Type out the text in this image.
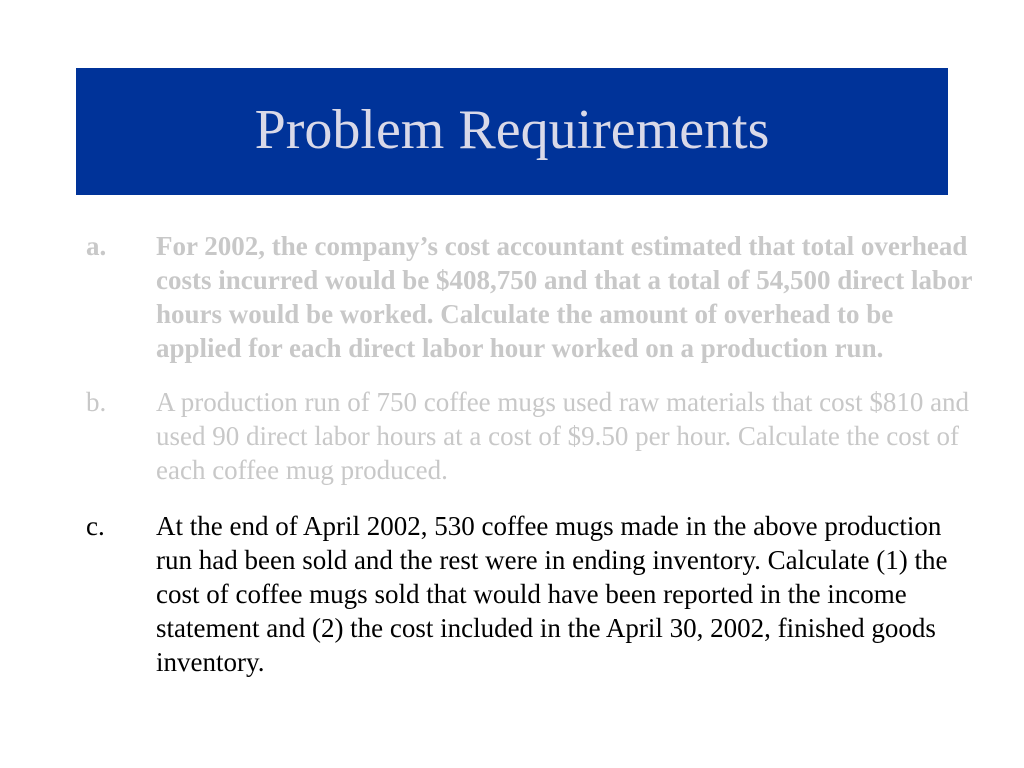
Problem Requirements
a.	For 2002, the company’s cost accountant estimated that total overhead costs incurred would be $408,750 and that a total of 54,500 direct labor hours would be worked. Calculate the amount of overhead to be applied for each direct labor hour worked on a production run.
b.	A production run of 750 coffee mugs used raw materials that cost $810 and used 90 direct labor hours at a cost of $9.50 per hour. Calculate the cost of each coffee mug produced.
c.	At the end of April 2002, 530 coffee mugs made in the above production run had been sold and the rest were in ending inventory. Calculate (1) the cost of coffee mugs sold that would have been reported in the income statement and (2) the cost included in the April 30, 2002, finished goods inventory.
